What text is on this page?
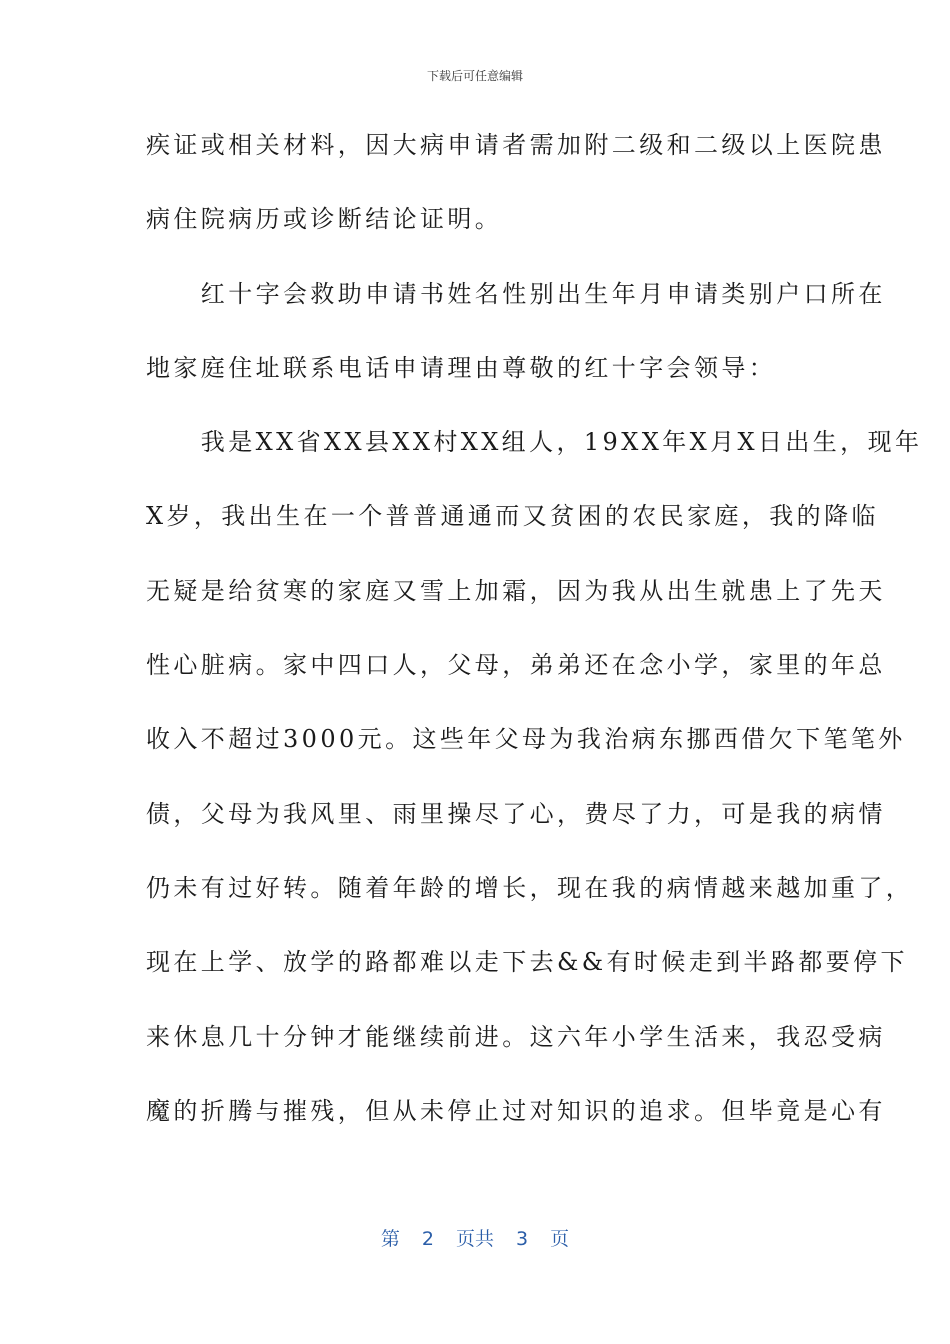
下载后可任意编辑
疾证或相关材料，因大病申请者需加附二级和二级以上医院患
病住院病历或诊断结论证明。
　　红十字会救助申请书姓名性别出生年月申请类别户口所在
地家庭住址联系电话申请理由尊敬的红十字会领导：
　　我是XX省XX县XX村XX组人，19XX年X月X日出生，现年
X岁，我出生在一个普普通通而又贫困的农民家庭，我的降临
无疑是给贫寒的家庭又雪上加霜，因为我从出生就患上了先天
性心脏病。家中四口人，父母，弟弟还在念小学，家里的年总
收入不超过3000元。这些年父母为我治病东挪西借欠下笔笔外
债，父母为我风里、雨里操尽了心，费尽了力，可是我的病情
仍未有过好转。随着年龄的增长，现在我的病情越来越加重了，
现在上学、放学的路都难以走下去&&有时候走到半路都要停下
来休息几十分钟才能继续前进。这六年小学生活来，我忍受病
魔的折腾与摧残，但从未停止过对知识的追求。但毕竟是心有
第 2 页共 3 页
